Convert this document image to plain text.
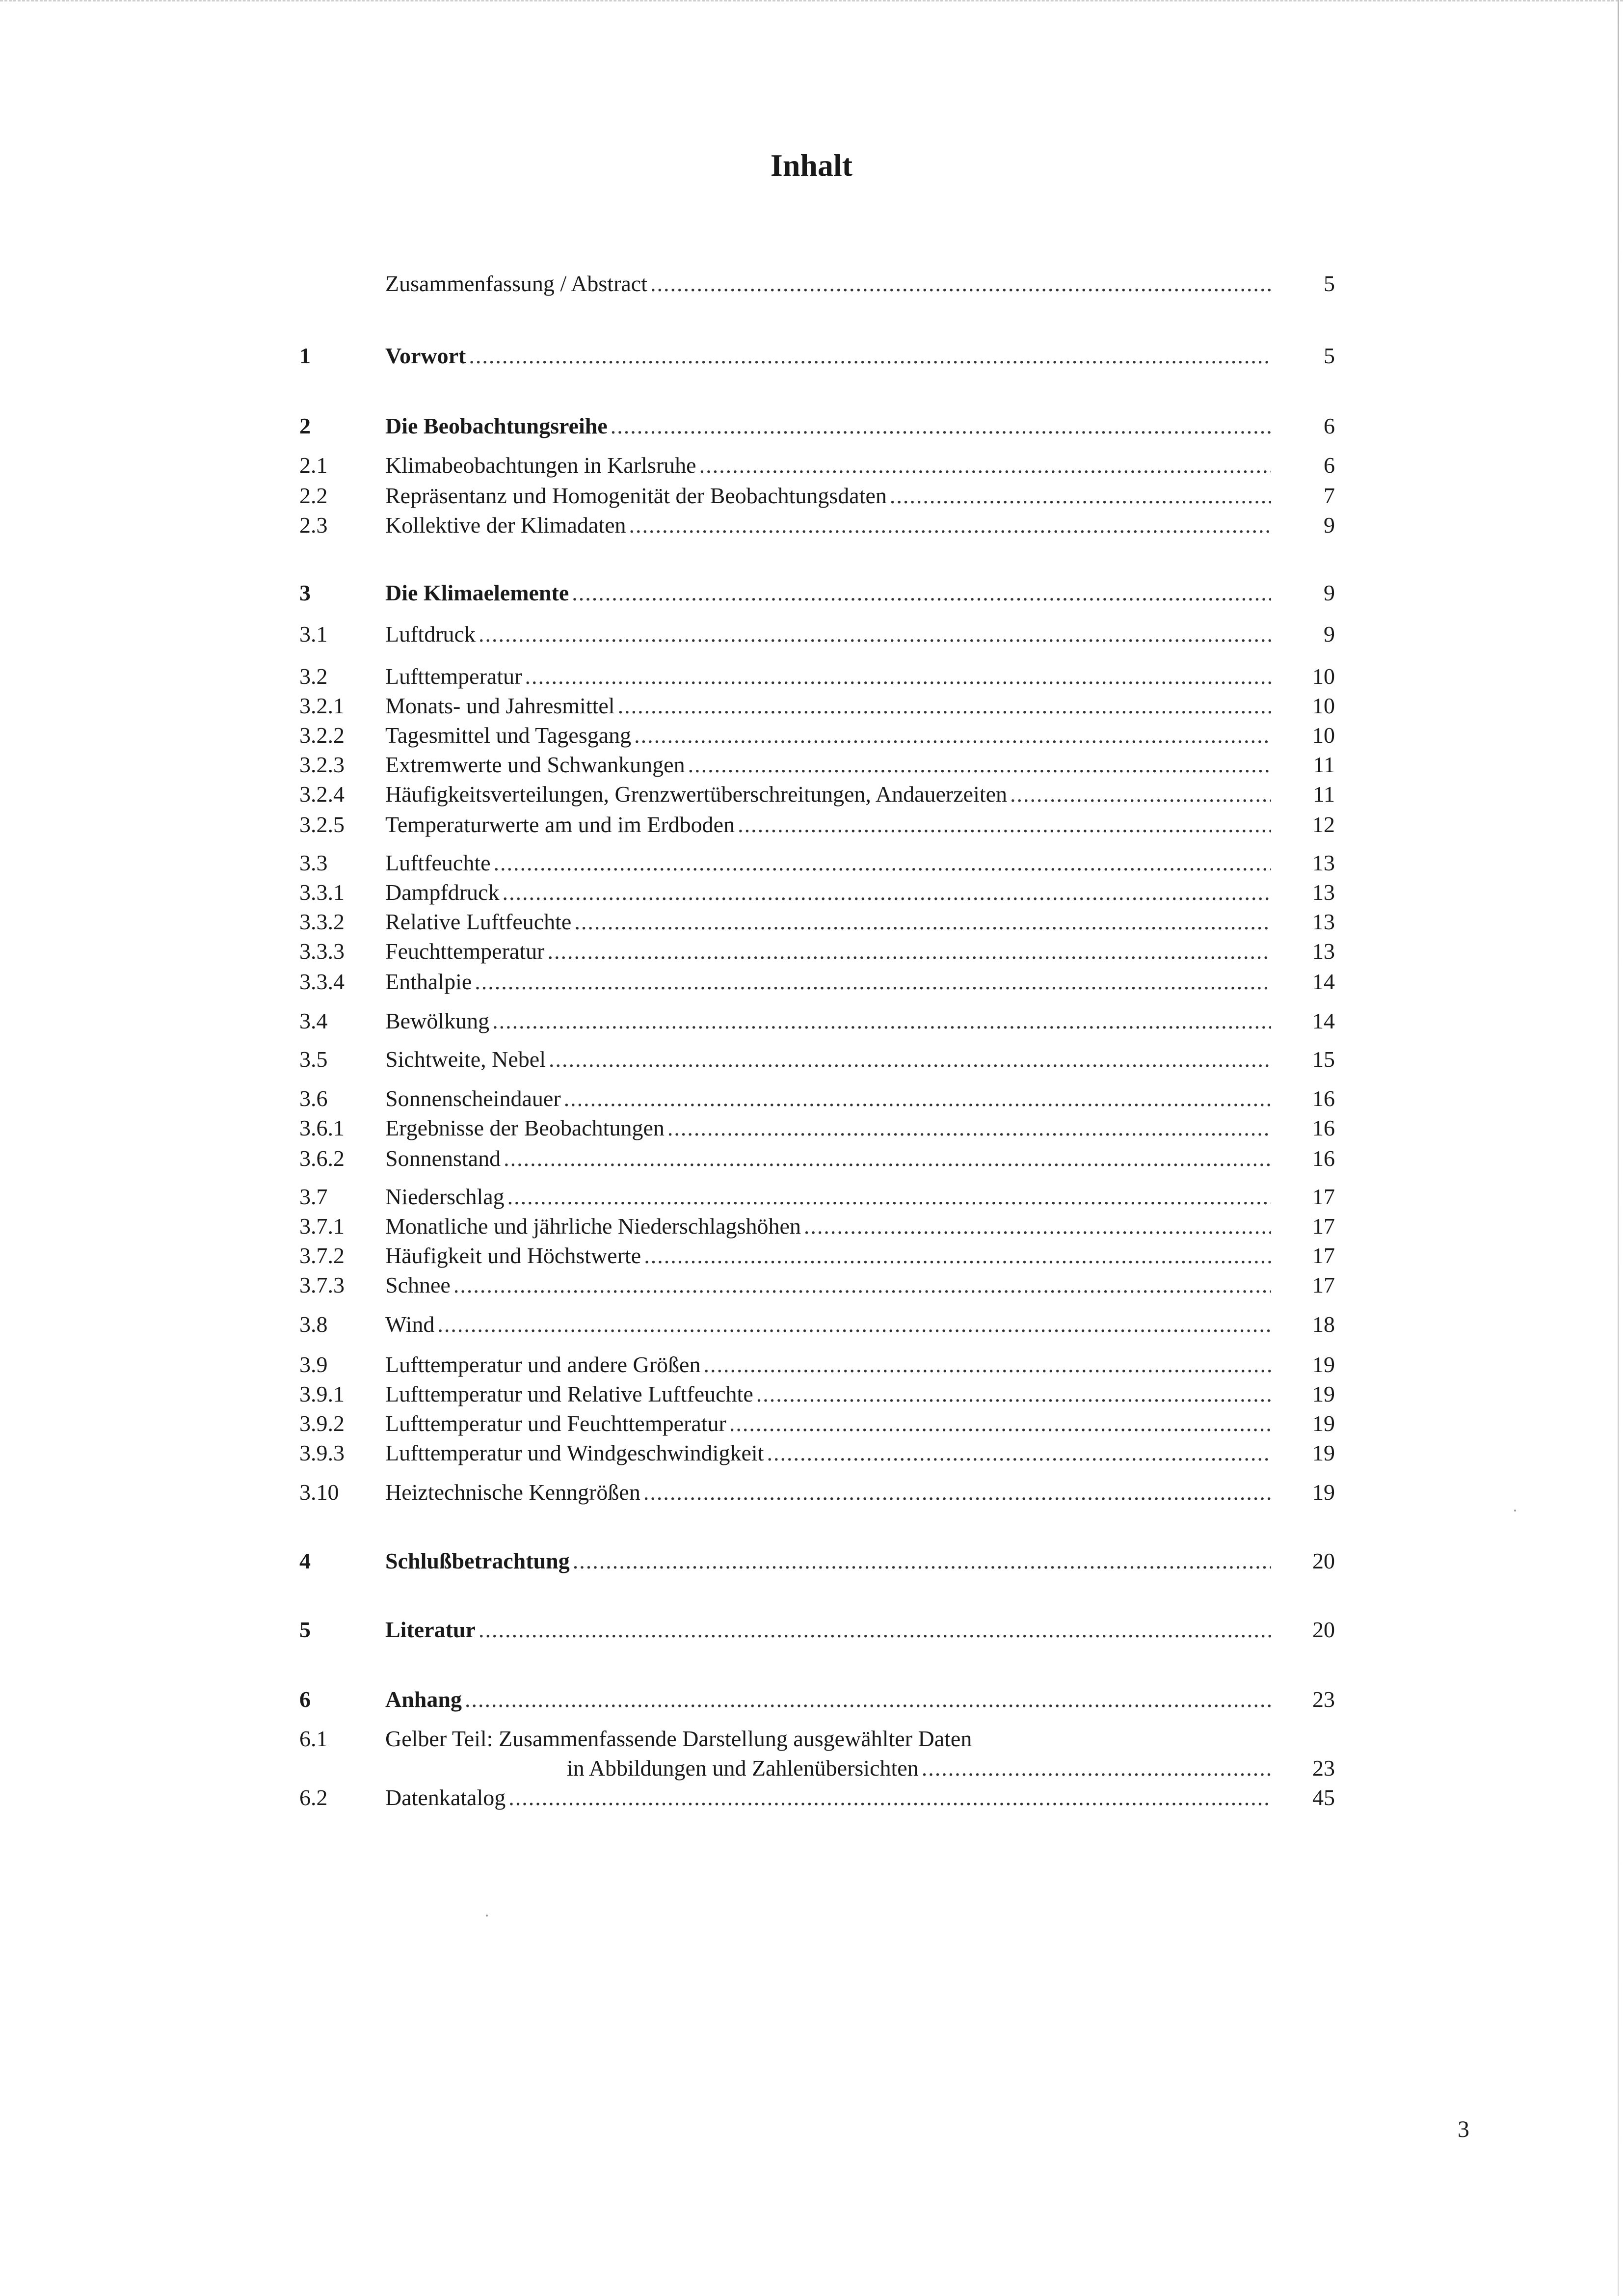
Inhalt
Zusammenfassung / Abstract .....	5
1	Vorwort .....	5
2	Die Beobachtungsreihe .....	6
2.1	Klimabeobachtungen in Karlsruhe .....	6
2.2	Repräsentanz und Homogenität der Beobachtungsdaten .....	7
2.3	Kollektive der Klimadaten .....	9
3	Die Klimaelemente .....	9
3.1	Luftdruck .....	9
3.2	Lufttemperatur .....	10
3.2.1	Monats- und Jahresmittel .....	10
3.2.2	Tagesmittel und Tagesgang .....	10
3.2.3	Extremwerte und Schwankungen .....	11
3.2.4	Häufigkeitsverteilungen, Grenzwertüberschreitungen, Andauerzeiten .....	11
3.2.5	Temperaturwerte am und im Erdboden .....	12
3.3	Luftfeuchte .....	13
3.3.1	Dampfdruck .....	13
3.3.2	Relative Luftfeuchte .....	13
3.3.3	Feuchttemperatur .....	13
3.3.4	Enthalpie .....	14
3.4	Bewölkung .....	14
3.5	Sichtweite, Nebel .....	15
3.6	Sonnenscheindauer .....	16
3.6.1	Ergebnisse der Beobachtungen .....	16
3.6.2	Sonnenstand .....	16
3.7	Niederschlag .....	17
3.7.1	Monatliche und jährliche Niederschlagshöhen .....	17
3.7.2	Häufigkeit und Höchstwerte .....	17
3.7.3	Schnee .....	17
3.8	Wind .....	18
3.9	Lufttemperatur und andere Größen .....	19
3.9.1	Lufttemperatur und Relative Luftfeuchte .....	19
3.9.2	Lufttemperatur und Feuchttemperatur .....	19
3.9.3	Lufttemperatur und Windgeschwindigkeit .....	19
3.10	Heiztechnische Kenngrößen .....	19
4	Schlußbetrachtung .....	20
5	Literatur .....	20
6	Anhang .....	23
6.1	Gelber Teil: Zusammenfassende Darstellung ausgewählter Daten
in Abbildungen und Zahlenübersichten .....	23
6.2	Datenkatalog .....	45
3
